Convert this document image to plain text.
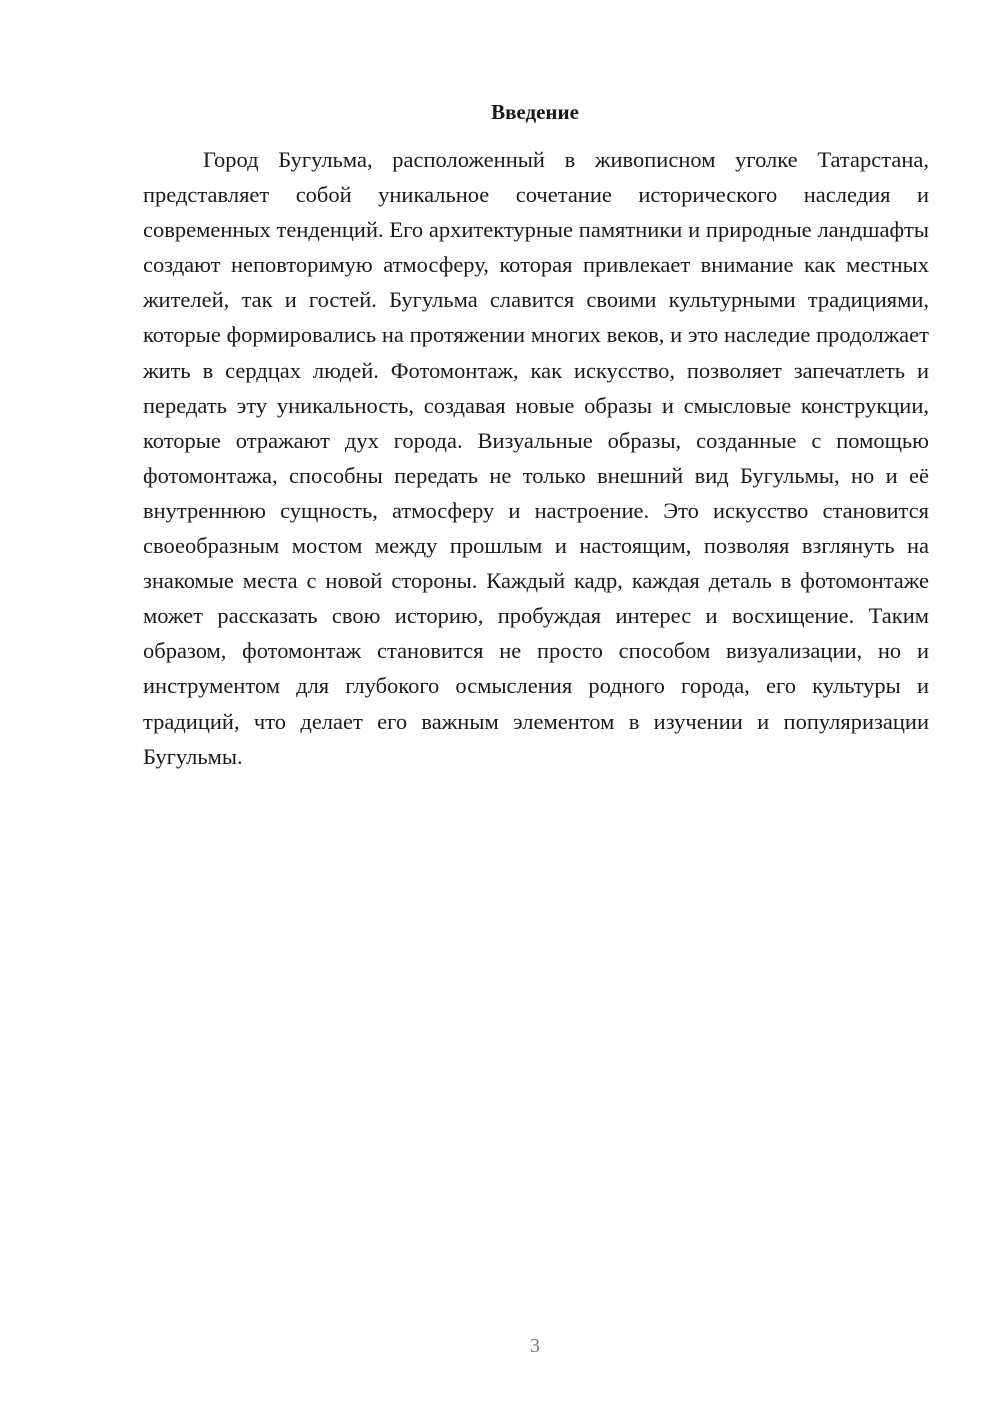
Введение

Город Бугульма, расположенный в живописном уголке Татарстана, представляет собой уникальное сочетание исторического наследия и современных тенденций. Его архитектурные памятники и природные ландшафты создают неповторимую атмосферу, которая привлекает внимание как местных жителей, так и гостей. Бугульма славится своими культурными традициями, которые формировались на протяжении многих веков, и это наследие продолжает жить в сердцах людей. Фотомонтаж, как искусство, позволяет запечатлеть и передать эту уникальность, создавая новые образы и смысловые конструкции, которые отражают дух города. Визуальные образы, созданные с помощью фотомонтажа, способны передать не только внешний вид Бугульмы, но и её внутреннюю сущность, атмосферу и настроение. Это искусство становится своеобразным мостом между прошлым и настоящим, позволяя взглянуть на знакомые места с новой стороны. Каждый кадр, каждая деталь в фотомонтаже может рассказать свою историю, пробуждая интерес и восхищение. Таким образом, фотомонтаж становится не просто способом визуализации, но и инструментом для глубокого осмысления родного города, его культуры и традиций, что делает его важным элементом в изучении и популяризации Бугульмы.

3
